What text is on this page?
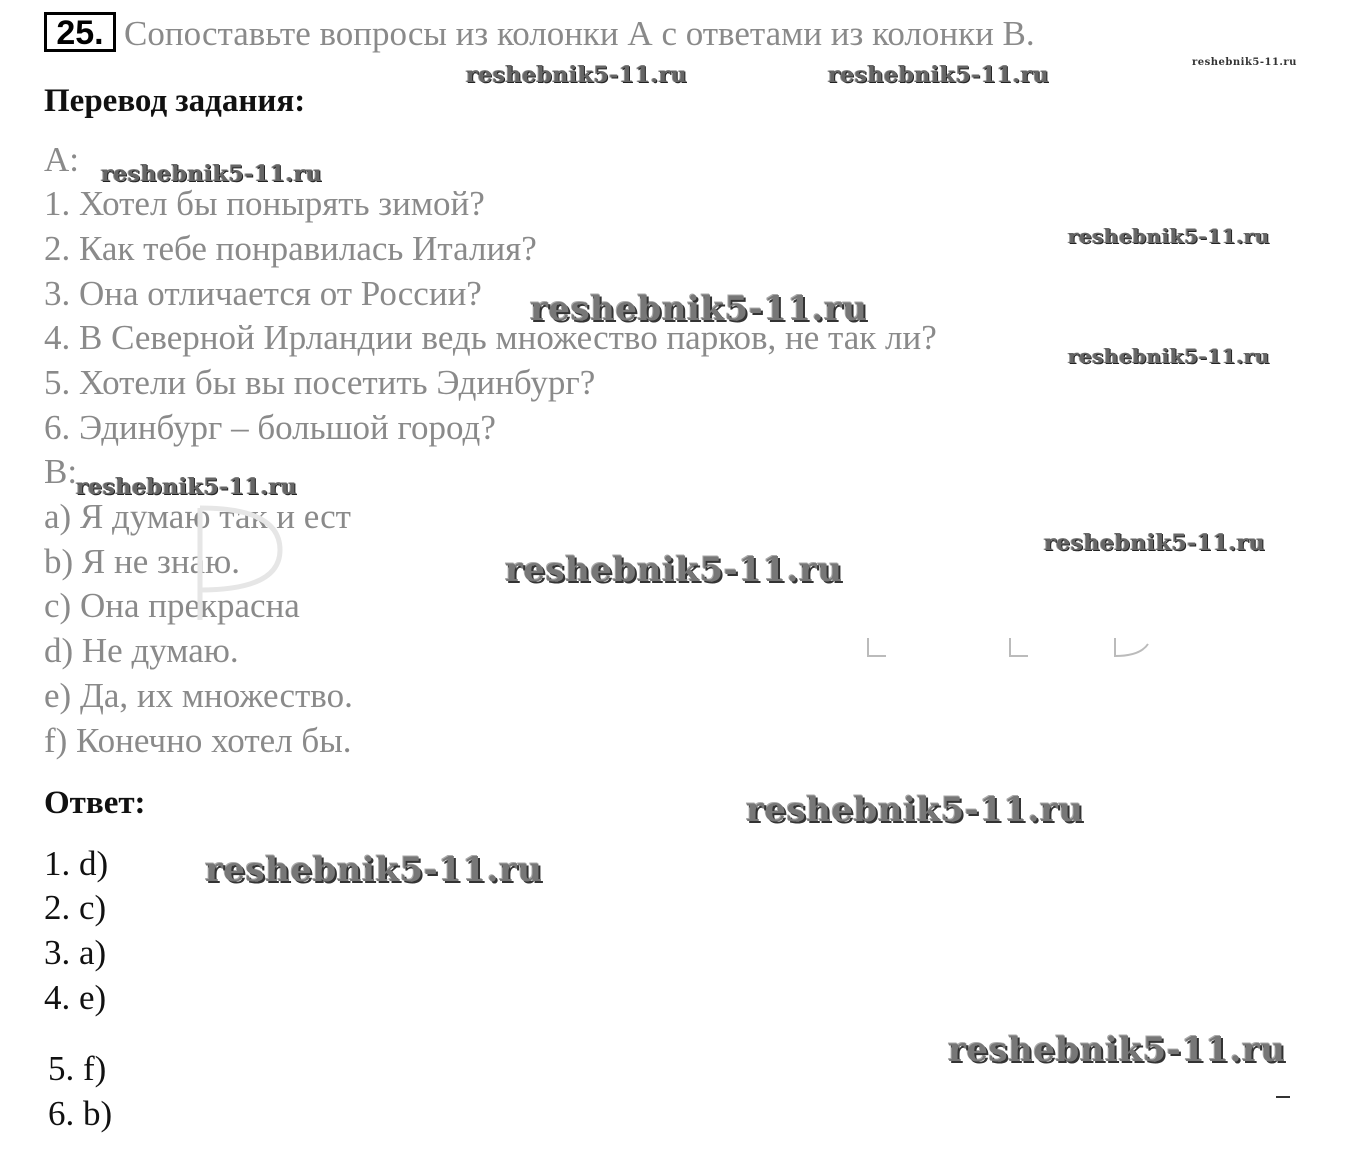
25. Сопоставьте вопросы из колонки А с ответами из колонки В.
Перевод задания:
A:
1. Хотел бы понырять зимой?
2. Как тебе понравилась Италия?
3. Она отличается от России?
4. В Северной Ирландии ведь множество парков, не так ли?
5. Хотели бы вы посетить Эдинбург?
6. Эдинбург – большой город?
B:
a) Я думаю так и ест
b) Я не знаю.
c) Она прекрасна
d) Не думаю.
e) Да, их множество.
f) Конечно хотел бы.
Ответ:
1. d)
2. c)
3. a)
4. e)
5. f)
6. b)
reshebnik5-11.ru	reshebnik5-11.ru	reshebnik5-11.ru
reshebnik5-11.ru
reshebnik5-11.ru
reshebnik5-11.ru
reshebnik5-11.ru
reshebnik5-11.ru
reshebnik5-11.ru
reshebnik5-11.ru
reshebnik5-11.ru
reshebnik5-11.ru
reshebnik5-11.ru
